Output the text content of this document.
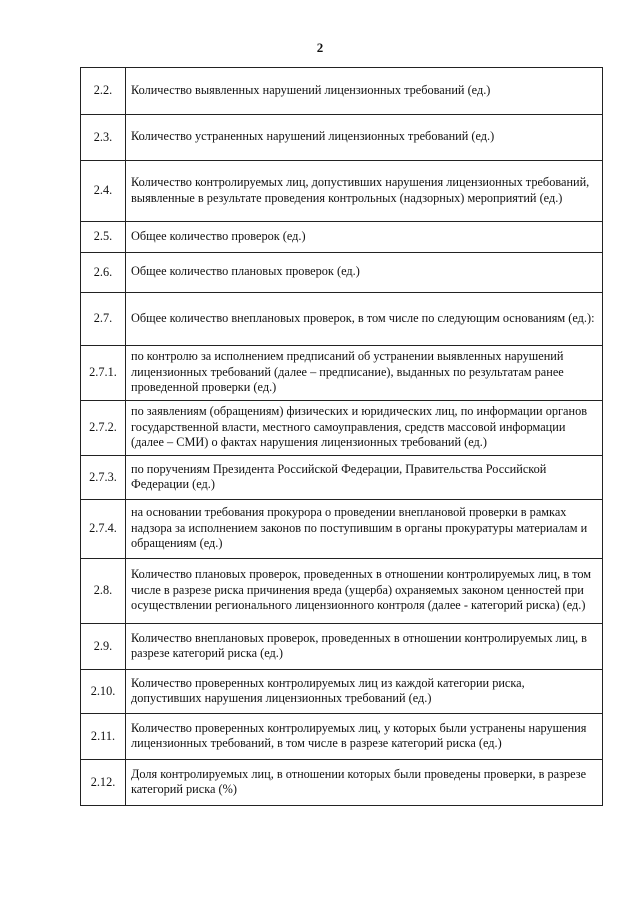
2
2.2.	Количество выявленных нарушений лицензионных требований (ед.)
2.3.	Количество устраненных нарушений лицензионных требований (ед.)
2.4.	Количество контролируемых лиц, допустивших нарушения лицензионных требований, выявленные в результате проведения контрольных (надзорных) мероприятий (ед.)
2.5.	Общее количество проверок (ед.)
2.6.	Общее количество плановых проверок (ед.)
2.7.	Общее количество внеплановых проверок, в том числе по следующим основаниям (ед.):
2.7.1.	по контролю за исполнением предписаний об устранении выявленных нарушений лицензионных требований (далее – предписание), выданных по результатам ранее проведенной проверки (ед.)
2.7.2.	по заявлениям (обращениям) физических и юридических лиц, по информации органов государственной власти, местного самоуправления, средств массовой информации (далее – СМИ) о фактах нарушения лицензионных требований (ед.)
2.7.3.	по поручениям Президента Российской Федерации, Правительства Российской Федерации (ед.)
2.7.4.	на основании требования прокурора о проведении внеплановой проверки в рамках надзора за исполнением законов по поступившим в органы прокуратуры материалам и обращениям (ед.)
2.8.	Количество плановых проверок, проведенных в отношении контролируемых лиц, в том числе в разрезе риска причинения вреда (ущерба) охраняемых законом ценностей при осуществлении регионального лицензионного контроля (далее - категорий риска) (ед.)
2.9.	Количество внеплановых проверок, проведенных в отношении контролируемых лиц, в разрезе категорий риска (ед.)
2.10.	Количество проверенных контролируемых лиц из каждой категории риска, допустивших нарушения лицензионных требований (ед.)
2.11.	Количество проверенных контролируемых лиц, у которых были устранены нарушения лицензионных требований, в том числе в разрезе категорий риска (ед.)
2.12.	Доля контролируемых лиц, в отношении которых были проведены проверки, в разрезе категорий риска (%)
